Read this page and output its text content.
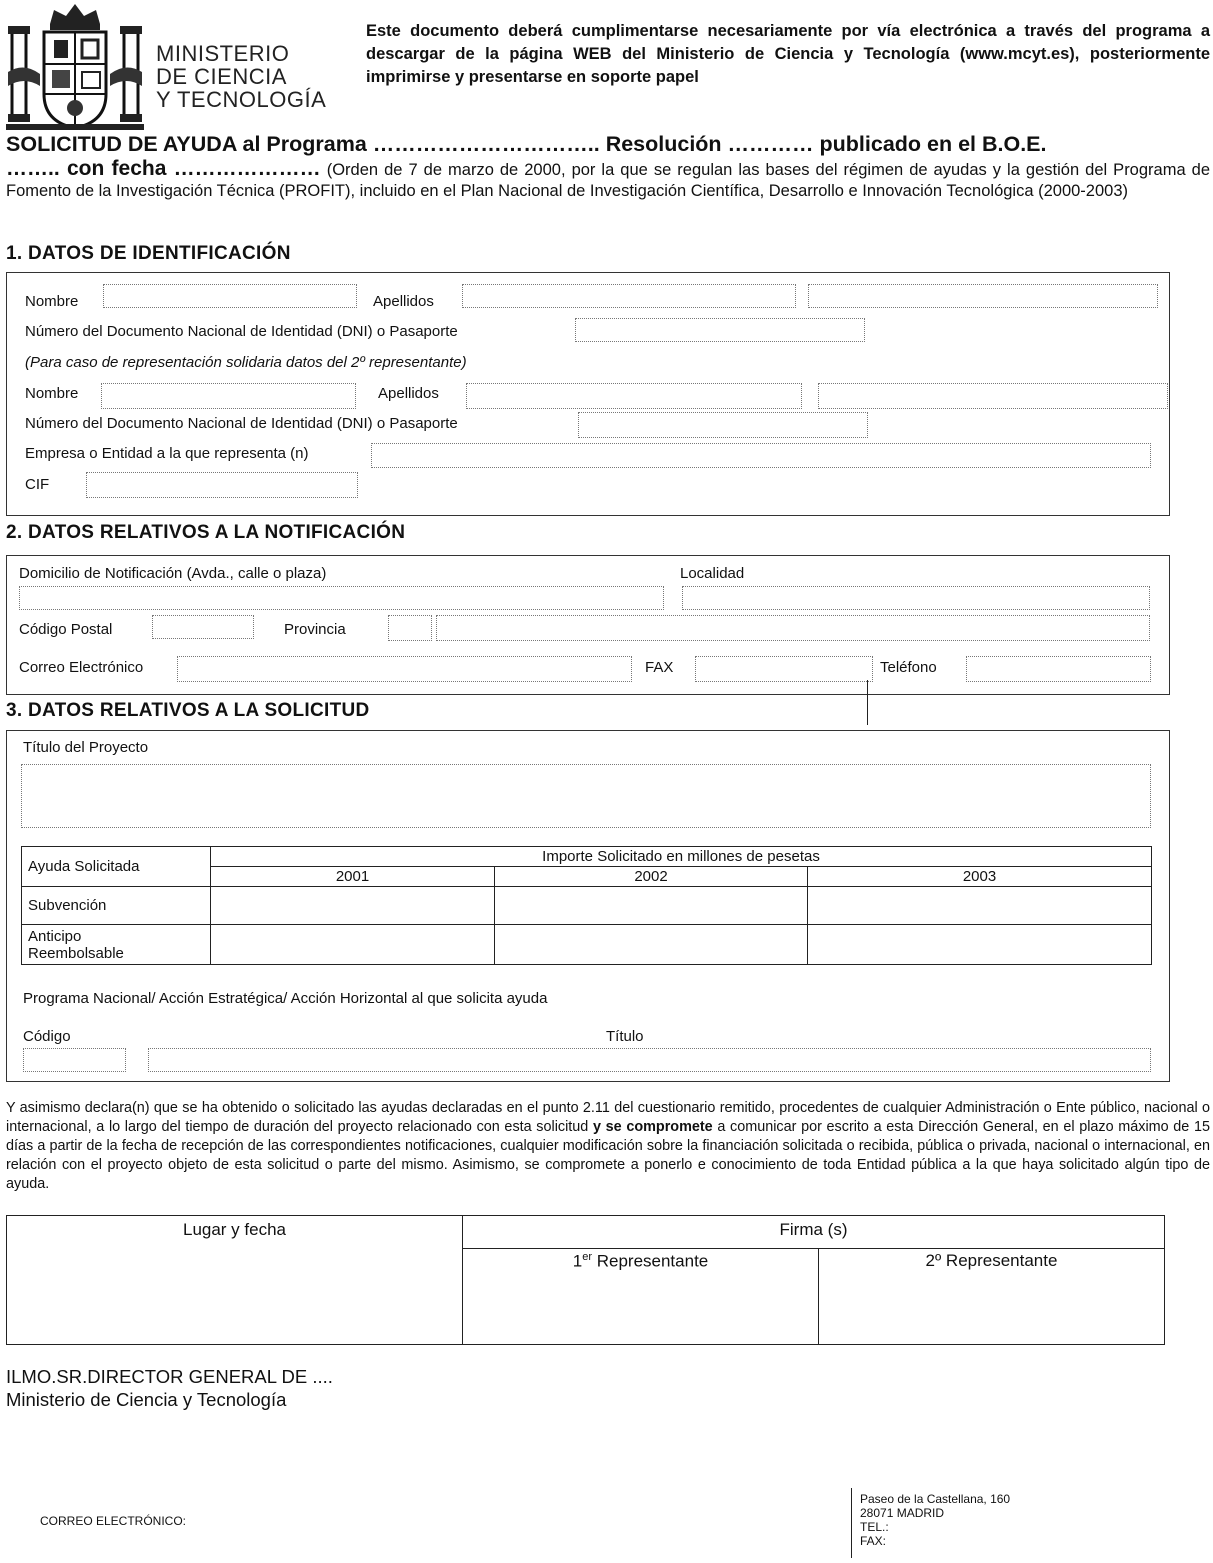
MINISTERIO
DE CIENCIA
Y TECNOLOGÍA
Este documento deberá cumplimentarse necesariamente por vía electrónica a través del programa a descargar de la página WEB del Ministerio de Ciencia y Tecnología (www.mcyt.es), posteriormente imprimirse y presentarse en soporte papel
SOLICITUD DE AYUDA al Programa ………………………….. Resolución ………… publicado en el B.O.E.
…….. con fecha ………………… (Orden de 7 de marzo de 2000, por la que se regulan las bases del régimen de ayudas y la gestión del Programa de Fomento de la Investigación Técnica (PROFIT), incluido en el Plan Nacional de Investigación Científica, Desarrollo e Innovación Tecnológica (2000-2003)
1. DATOS DE IDENTIFICACIÓN
Nombre	Apellidos
Número del Documento Nacional de Identidad (DNI) o Pasaporte
(Para caso de representación solidaria datos del 2º representante)
Nombre	Apellidos
Número del Documento Nacional de Identidad (DNI) o Pasaporte
Empresa o Entidad a la que representa (n)
CIF
2. DATOS RELATIVOS A LA NOTIFICACIÓN
Domicilio de Notificación (Avda., calle o plaza)	Localidad
Código Postal	Provincia
Correo Electrónico	FAX	Teléfono
3. DATOS RELATIVOS A LA SOLICITUD
Título del Proyecto
Ayuda Solicitada	Importe Solicitado en millones de pesetas		
	2001	2002	2003
Subvención			
Anticipo Reembolsable			
Programa Nacional/ Acción Estratégica/ Acción Horizontal al que solicita ayuda
Código	Título
Y asimismo declara(n) que se ha obtenido o solicitado las ayudas declaradas en el punto 2.11 del cuestionario remitido, procedentes de cualquier Administración o Ente público, nacional o internacional, a lo largo del tiempo de duración del proyecto relacionado con esta solicitud y se compromete a comunicar por escrito a esta Dirección General, en el plazo máximo de 15 días a partir de la fecha de recepción de las correspondientes notificaciones, cualquier modificación sobre la financiación solicitada o recibida, pública o privada, nacional o internacional, en relación con el proyecto objeto de esta solicitud o parte del mismo. Asimismo, se compromete a ponerlo e conocimiento de toda Entidad pública a la que haya solicitado algún tipo de ayuda.
Lugar y fecha	Firma (s)	
	1er Representante	2º Representante
ILMO.SR.DIRECTOR GENERAL DE ....
Ministerio de Ciencia y Tecnología
CORREO ELECTRÓNICO:
Paseo de la Castellana, 160
28071 MADRID
TEL.:
FAX:
